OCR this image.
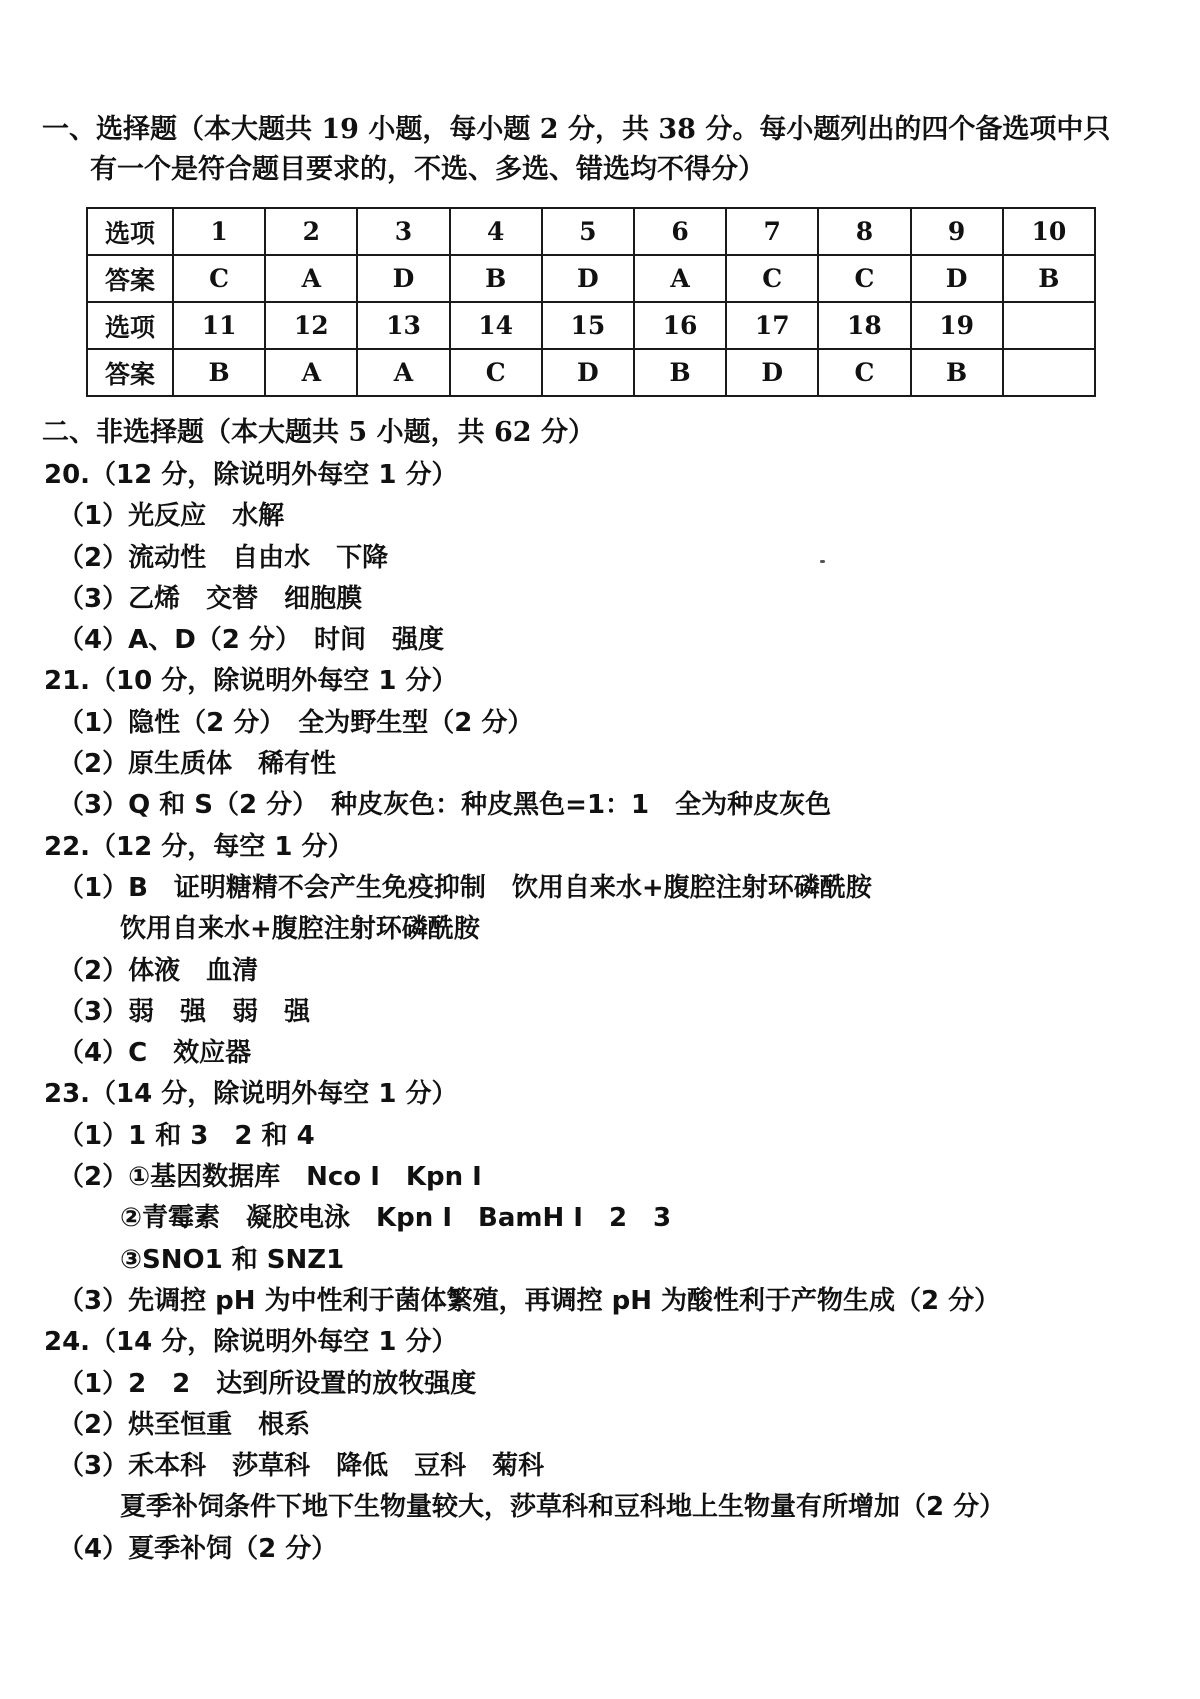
一、选择题（本大题共 19 小题，每小题 2 分，共 38 分。每小题列出的四个备选项中只
有一个是符合题目要求的，不选、多选、错选均不得分）
选项	1	2	3	4	5	6	7	8	9	10
答案	C	A	D	B	D	A	C	C	D	B
选项	11	12	13	14	15	16	17	18	19	
答案	B	A	A	C	D	B	D	C	B	
二、非选择题（本大题共 5 小题，共 62 分）
20.（12 分，除说明外每空 1 分）
（1）光反应　水解
（2）流动性　自由水　下降
（3）乙烯　交替　细胞膜
（4）A、D（2 分）　时间　强度
21.（10 分，除说明外每空 1 分）
（1）隐性（2 分）　全为野生型（2 分）
（2）原生质体　稀有性
（3）Q 和 S（2 分）　种皮灰色：种皮黑色=1：1　全为种皮灰色
22.（12 分，每空 1 分）
（1）B　证明糖精不会产生免疫抑制　饮用自来水+腹腔注射环磷酰胺
饮用自来水+腹腔注射环磷酰胺
（2）体液　血清
（3）弱　强　弱　强
（4）C　效应器
23.（14 分，除说明外每空 1 分）
（1）1 和 3　2 和 4
（2）①基因数据库　Nco I　Kpn I
②青霉素　凝胶电泳　Kpn I　BamH I　2　3
③SNO1 和 SNZ1
（3）先调控 pH 为中性利于菌体繁殖，再调控 pH 为酸性利于产物生成（2 分）
24.（14 分，除说明外每空 1 分）
（1）2　2　达到所设置的放牧强度
（2）烘至恒重　根系
（3）禾本科　莎草科　降低　豆科　菊科
夏季补饲条件下地下生物量较大，莎草科和豆科地上生物量有所增加（2 分）
（4）夏季补饲（2 分）
